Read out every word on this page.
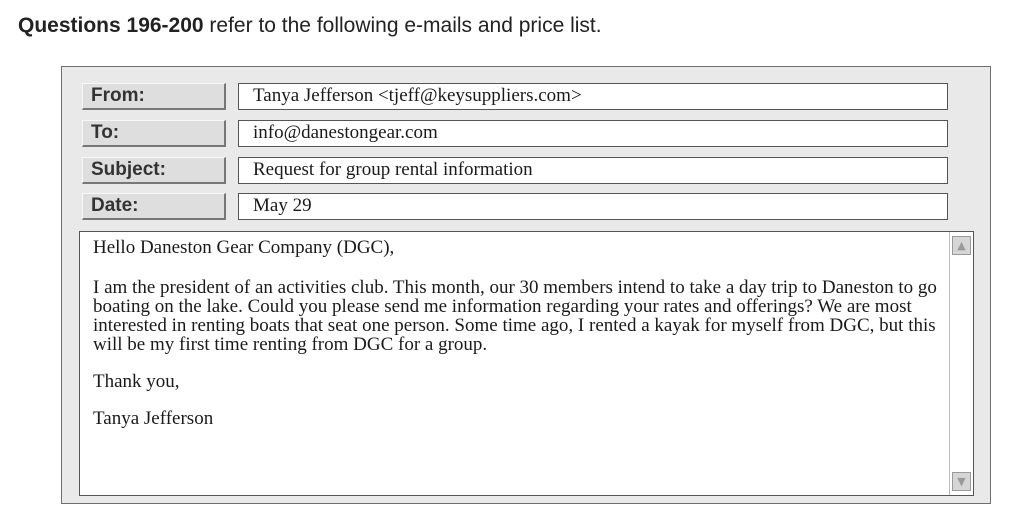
Questions 196-200 refer to the following e-mails and price list.
From:	Tanya Jefferson <tjeff@keysuppliers.com>
To:	info@danestongear.com
Subject:	Request for group rental information
Date:	May 29

Hello Daneston Gear Company (DGC),

I am the president of an activities club. This month, our 30 members intend to take a day trip to Daneston to go boating on the lake. Could you please send me information regarding your rates and offerings? We are most interested in renting boats that seat one person. Some time ago, I rented a kayak for myself from DGC, but this will be my first time renting from DGC for a group.

Thank you,

Tanya Jefferson

▲
▼
